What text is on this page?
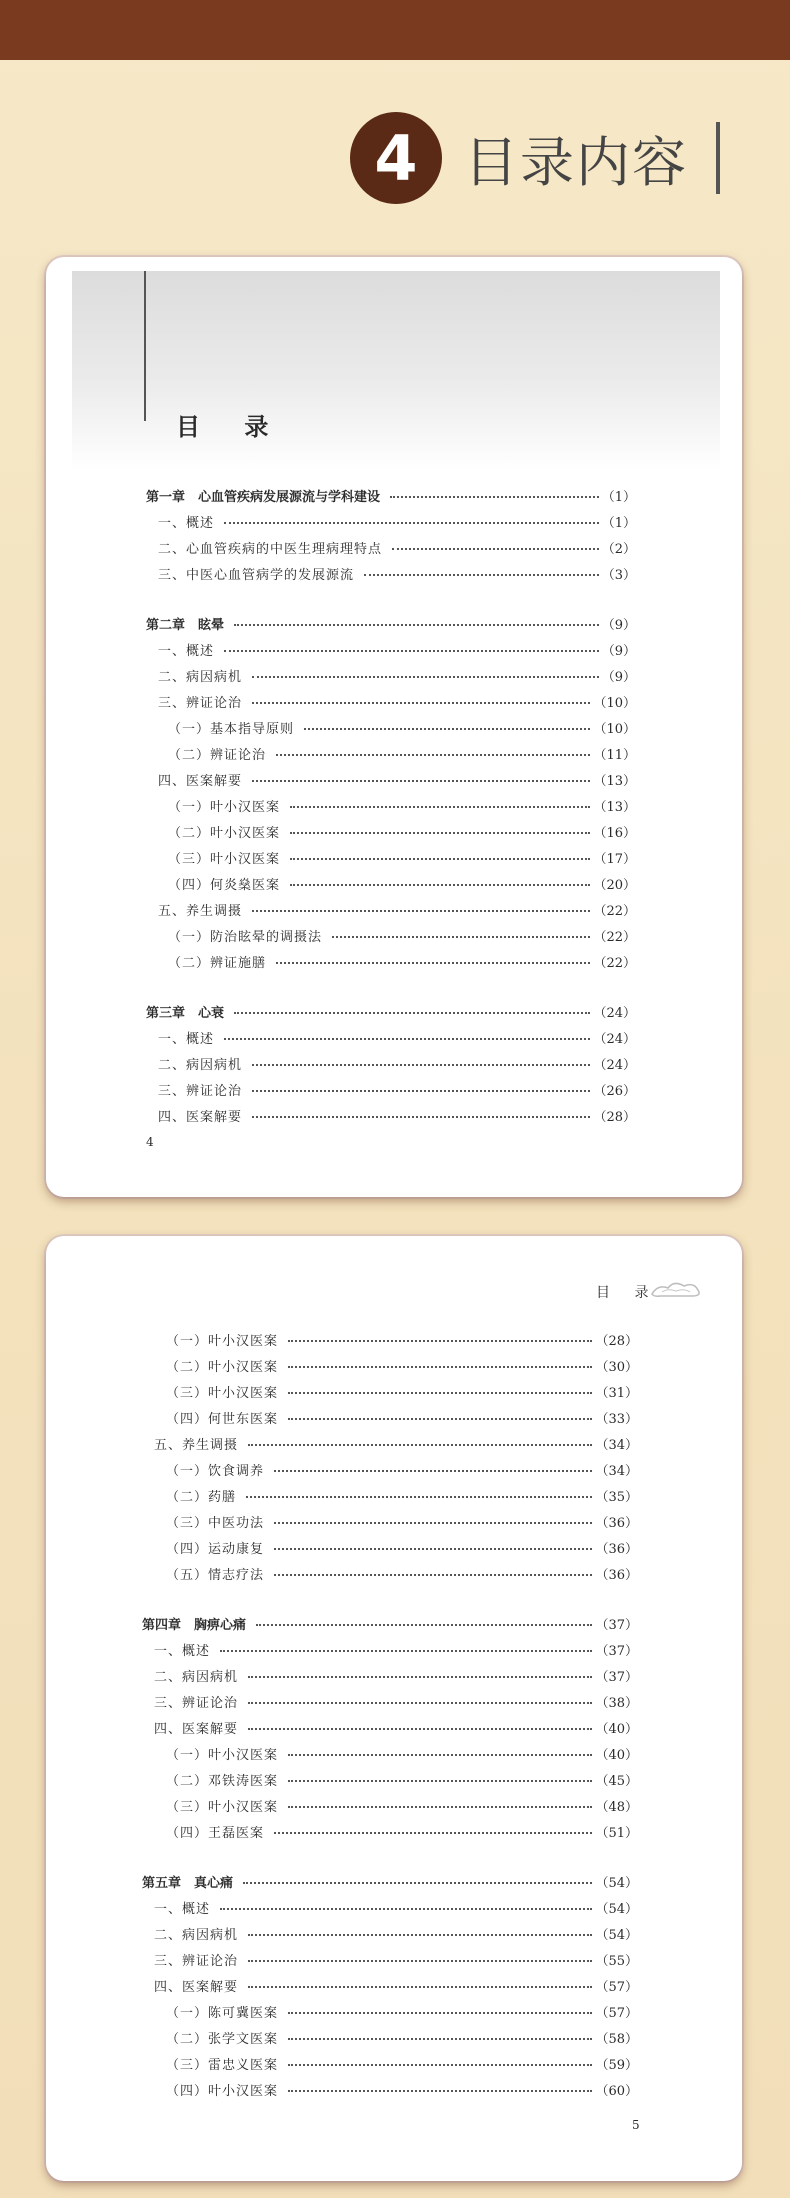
4 目录内容
目 录
第一章　心血管疾病发展源流与学科建设	（1）
一、概述	（1）
二、心血管疾病的中医生理病理特点	（2）
三、中医心血管病学的发展源流	（3）
第二章　眩晕	（9）
一、概述	（9）
二、病因病机	（9）
三、辨证论治	（10）
（一）基本指导原则	（10）
（二）辨证论治	（11）
四、医案解要	（13）
（一）叶小汉医案	（13）
（二）叶小汉医案	（16）
（三）叶小汉医案	（17）
（四）何炎燊医案	（20）
五、养生调摄	（22）
（一）防治眩晕的调摄法	（22）
（二）辨证施膳	（22）
第三章　心衰	（24）
一、概述	（24）
二、病因病机	（24）
三、辨证论治	（26）
四、医案解要	（28）
4
目 录
（一）叶小汉医案	（28）
（二）叶小汉医案	（30）
（三）叶小汉医案	（31）
（四）何世东医案	（33）
五、养生调摄	（34）
（一）饮食调养	（34）
（二）药膳	（35）
（三）中医功法	（36）
（四）运动康复	（36）
（五）情志疗法	（36）
第四章　胸痹心痛	（37）
一、概述	（37）
二、病因病机	（37）
三、辨证论治	（38）
四、医案解要	（40）
（一）叶小汉医案	（40）
（二）邓铁涛医案	（45）
（三）叶小汉医案	（48）
（四）王磊医案	（51）
第五章　真心痛	（54）
一、概述	（54）
二、病因病机	（54）
三、辨证论治	（55）
四、医案解要	（57）
（一）陈可冀医案	（57）
（二）张学文医案	（58）
（三）雷忠义医案	（59）
（四）叶小汉医案	（60）
5
